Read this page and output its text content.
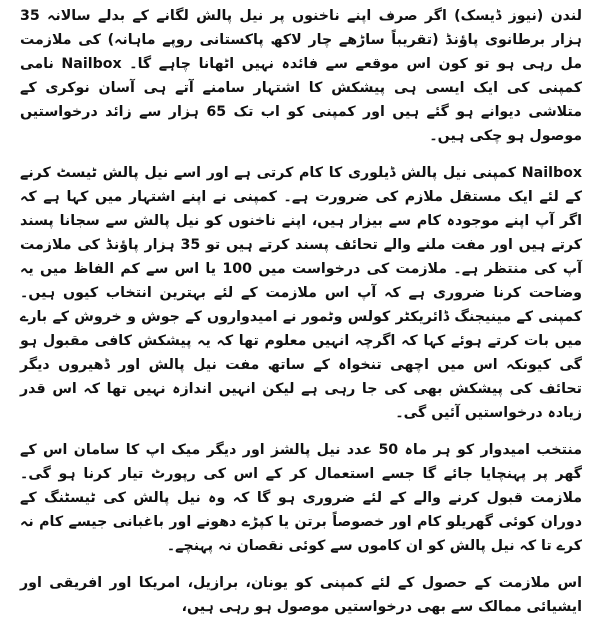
لندن (نیوز ڈیسک) اگر صرف اپنے ناخنوں پر نیل پالش لگانے کے بدلے سالانہ 35 ہزار برطانوی پاؤنڈ (تقریباً ساڑھے چار لاکھ پاکستانی روپے ماہانہ) کی ملازمت مل رہی ہو تو کون اس موقعے سے فائدہ نہیں اٹھانا چاہے گا۔ Nailbox نامی کمپنی کی ایک ایسی ہی پیشکش کا اشتہار سامنے آتے ہی آسان نوکری کے متلاشی دیوانے ہو گئے ہیں اور کمپنی کو اب تک 65 ہزار سے زائد درخواستیں موصول ہو چکی ہیں۔

Nailbox کمپنی نیل پالش ڈیلوری کا کام کرتی ہے اور اسے نیل پالش ٹیسٹ کرنے کے لئے ایک مستقل ملازم کی ضرورت ہے۔ کمپنی نے اپنے اشتہار میں کہا ہے کہ اگر آپ اپنے موجودہ کام سے بیزار ہیں، اپنے ناخنوں کو نیل پالش سے سجانا پسند کرتے ہیں اور مفت ملنے والے تحائف پسند کرتے ہیں تو 35 ہزار پاؤنڈ کی ملازمت آپ کی منتظر ہے۔ ملازمت کی درخواست میں 100 یا اس سے کم الفاظ میں یہ وضاحت کرنا ضروری ہے کہ آپ اس ملازمت کے لئے بہترین انتخاب کیوں ہیں۔ کمپنی کے مینیجنگ ڈائریکٹر کولس وٹمور نے امیدواروں کے جوش و خروش کے بارے میں بات کرتے ہوئے کہا کہ اگرچہ انہیں معلوم تھا کہ یہ پیشکش کافی مقبول ہو گی کیونکہ اس میں اچھی تنخواہ کے ساتھ مفت نیل پالش اور ڈھیروں دیگر تحائف کی پیشکش بھی کی جا رہی ہے لیکن انہیں اندازہ نہیں تھا کہ اس قدر زیادہ درخواستیں آئیں گی۔

منتخب امیدوار کو ہر ماہ 50 عدد نیل پالشز اور دیگر میک اپ کا سامان اس کے گھر پر پہنچایا جائے گا جسے استعمال کر کے اس کی رپورٹ تیار کرنا ہو گی۔ ملازمت قبول کرنے والے کے لئے ضروری ہو گا کہ وہ نیل پالش کی ٹیسٹنگ کے دوران کوئی گھریلو کام اور خصوصاً برتن یا کپڑے دھونے اور باغبانی جیسے کام نہ کرے تا کہ نیل پالش کو ان کاموں سے کوئی نقصان نہ پہنچے۔

اس ملازمت کے حصول کے لئے کمپنی کو یونان، برازیل، امریکا اور افریقی اور ایشیائی ممالک سے بھی درخواستیں موصول ہو رہی ہیں،
